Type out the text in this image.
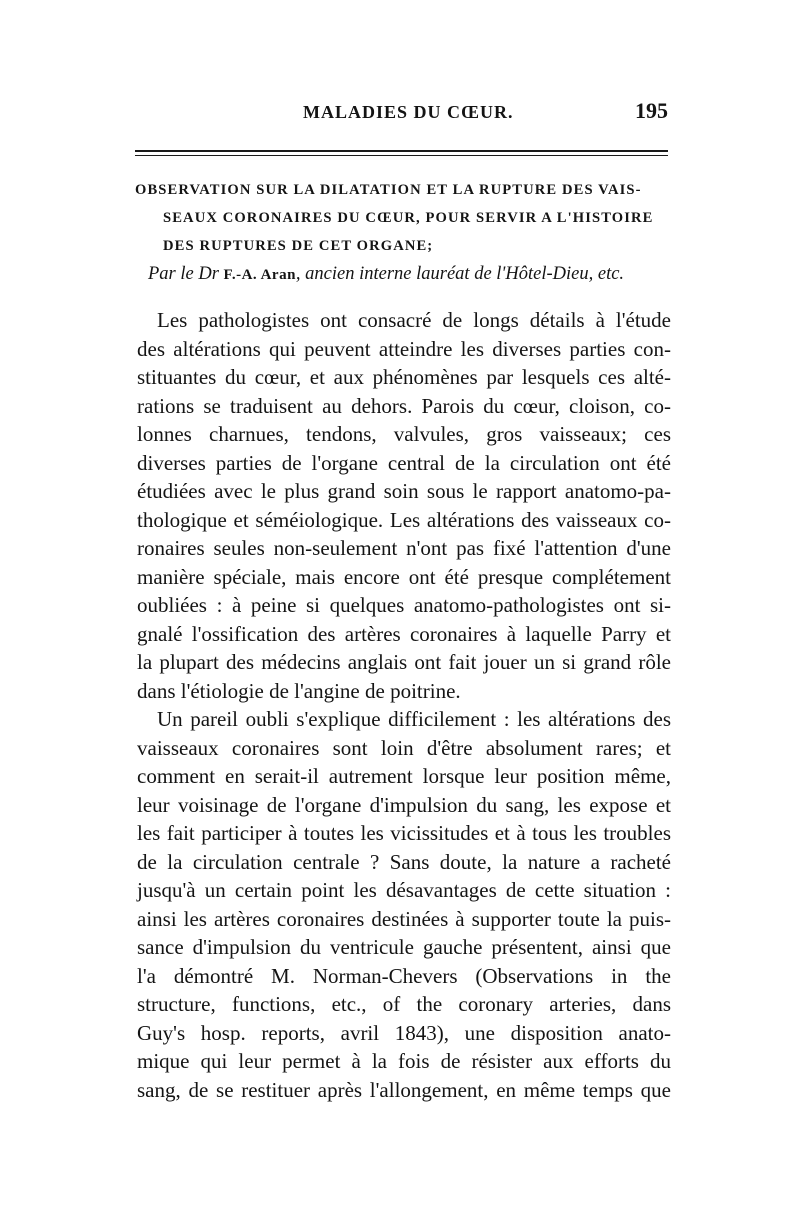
MALADIES DU CŒUR.	195
OBSERVATION SUR LA DILATATION ET LA RUPTURE DES VAIS-
SEAUX CORONAIRES DU CŒUR, POUR SERVIR A L'HISTOIRE
DES RUPTURES DE CET ORGANE;
Par le Dr F.-A. Aran, ancien interne lauréat de l'Hôtel-Dieu, etc.
Les pathologistes ont consacré de longs détails à l'étude
des altérations qui peuvent atteindre les diverses parties con-
stituantes du cœur, et aux phénomènes par lesquels ces alté-
rations se traduisent au dehors. Parois du cœur, cloison, co-
lonnes charnues, tendons, valvules, gros vaisseaux; ces
diverses parties de l'organe central de la circulation ont été
étudiées avec le plus grand soin sous le rapport anatomo-pa-
thologique et séméiologique. Les altérations des vaisseaux co-
ronaires seules non-seulement n'ont pas fixé l'attention d'une
manière spéciale, mais encore ont été presque complétement
oubliées : à peine si quelques anatomo-pathologistes ont si-
gnalé l'ossification des artères coronaires à laquelle Parry et
la plupart des médecins anglais ont fait jouer un si grand rôle
dans l'étiologie de l'angine de poitrine.
Un pareil oubli s'explique difficilement : les altérations des
vaisseaux coronaires sont loin d'être absolument rares; et
comment en serait-il autrement lorsque leur position même,
leur voisinage de l'organe d'impulsion du sang, les expose et
les fait participer à toutes les vicissitudes et à tous les troubles
de la circulation centrale ? Sans doute, la nature a racheté
jusqu'à un certain point les désavantages de cette situation :
ainsi les artères coronaires destinées à supporter toute la puis-
sance d'impulsion du ventricule gauche présentent, ainsi que
l'a démontré M. Norman-Chevers (Observations in the
structure, functions, etc., of the coronary arteries, dans
Guy's hosp. reports, avril 1843), une disposition anato-
mique qui leur permet à la fois de résister aux efforts du
sang, de se restituer après l'allongement, en même temps que
